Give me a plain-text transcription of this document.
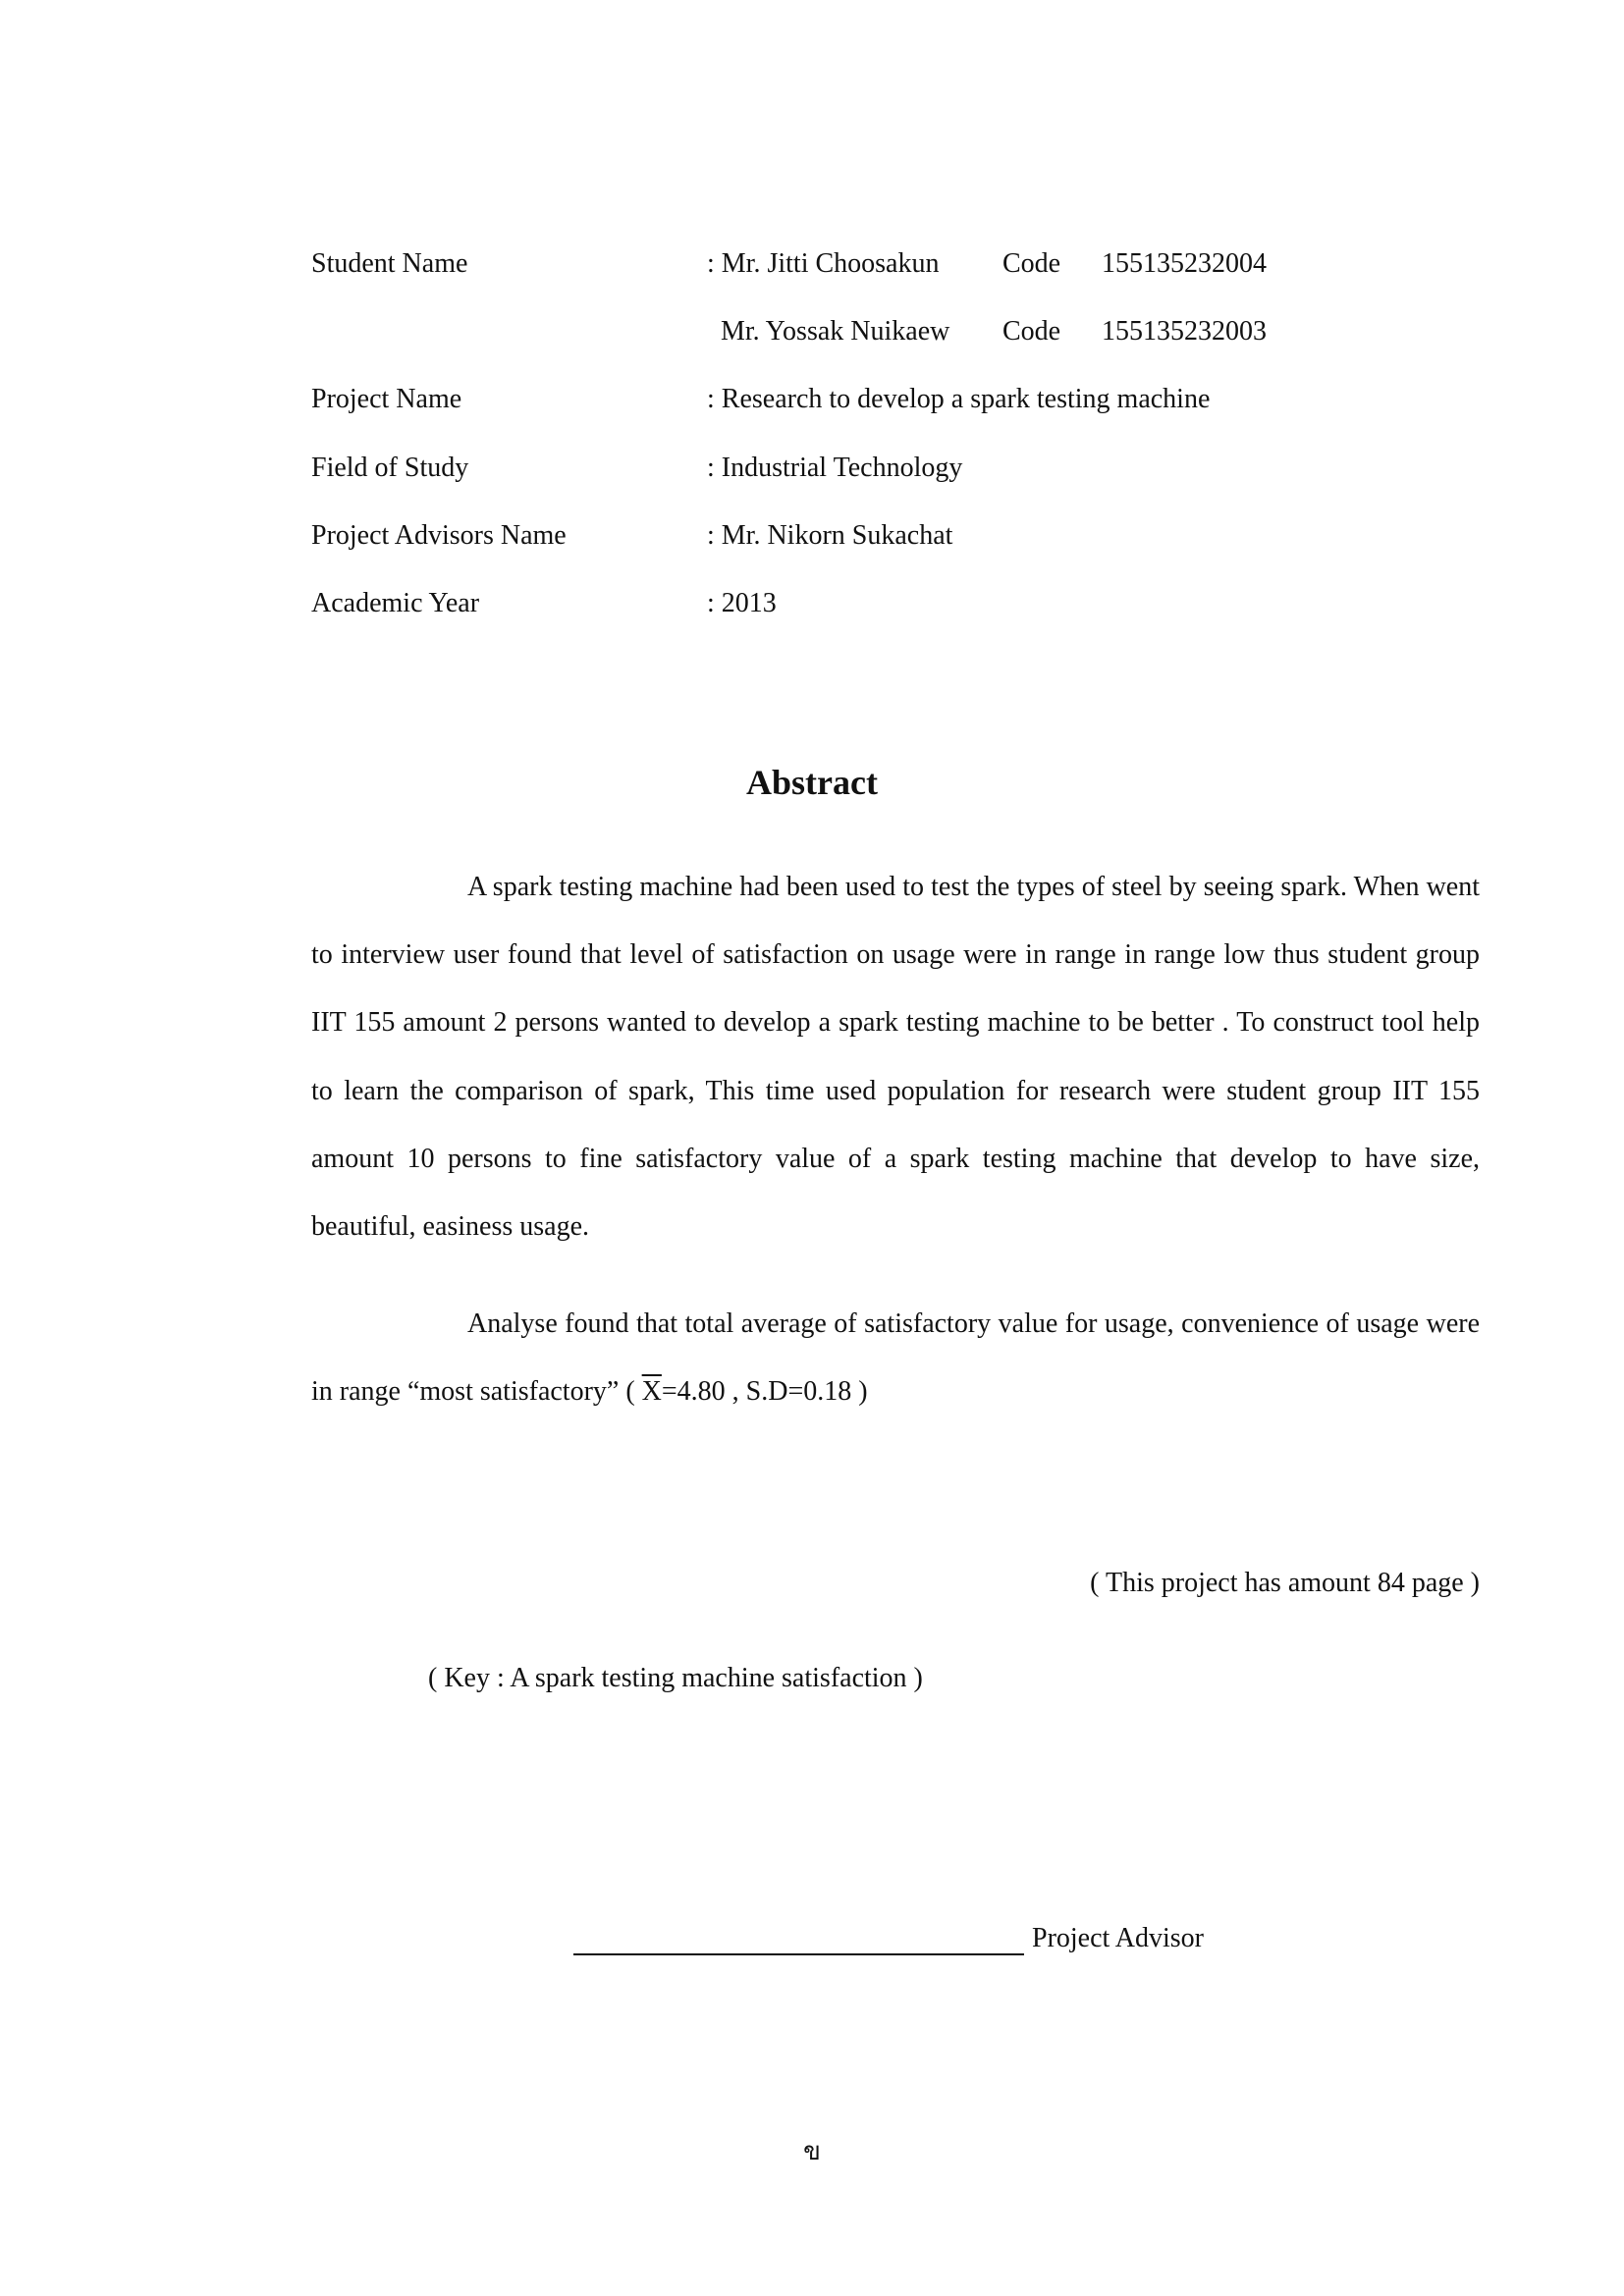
Student Name	: Mr. Jitti Choosakun Code 155135232004
Mr. Yossak Nuikaew Code 155135232003
Project Name	: Research to develop a spark testing machine
Field of Study	: Industrial Technology
Project Advisors Name	: Mr. Nikorn Sukachat
Academic Year	: 2013
Abstract

A spark testing machine had been used to test the types of steel by seeing spark. When went to interview user found that level of satisfaction on usage were in range in range low thus student group IIT 155 amount 2 persons wanted to develop a spark testing machine to be better . To construct tool help to learn the comparison of spark, This time used population for research were student group IIT 155 amount 10 persons to fine satisfactory value of a spark testing machine that develop to have size, beautiful, easiness usage.

Analyse found that total average of satisfactory value for usage, convenience of usage were in range “most satisfactory” ( $\overline{X}=4.80$ , S.D=0.18 )

( This project has amount 84 page )
( Key : A spark testing machine satisfaction )
Project Advisor
ข
